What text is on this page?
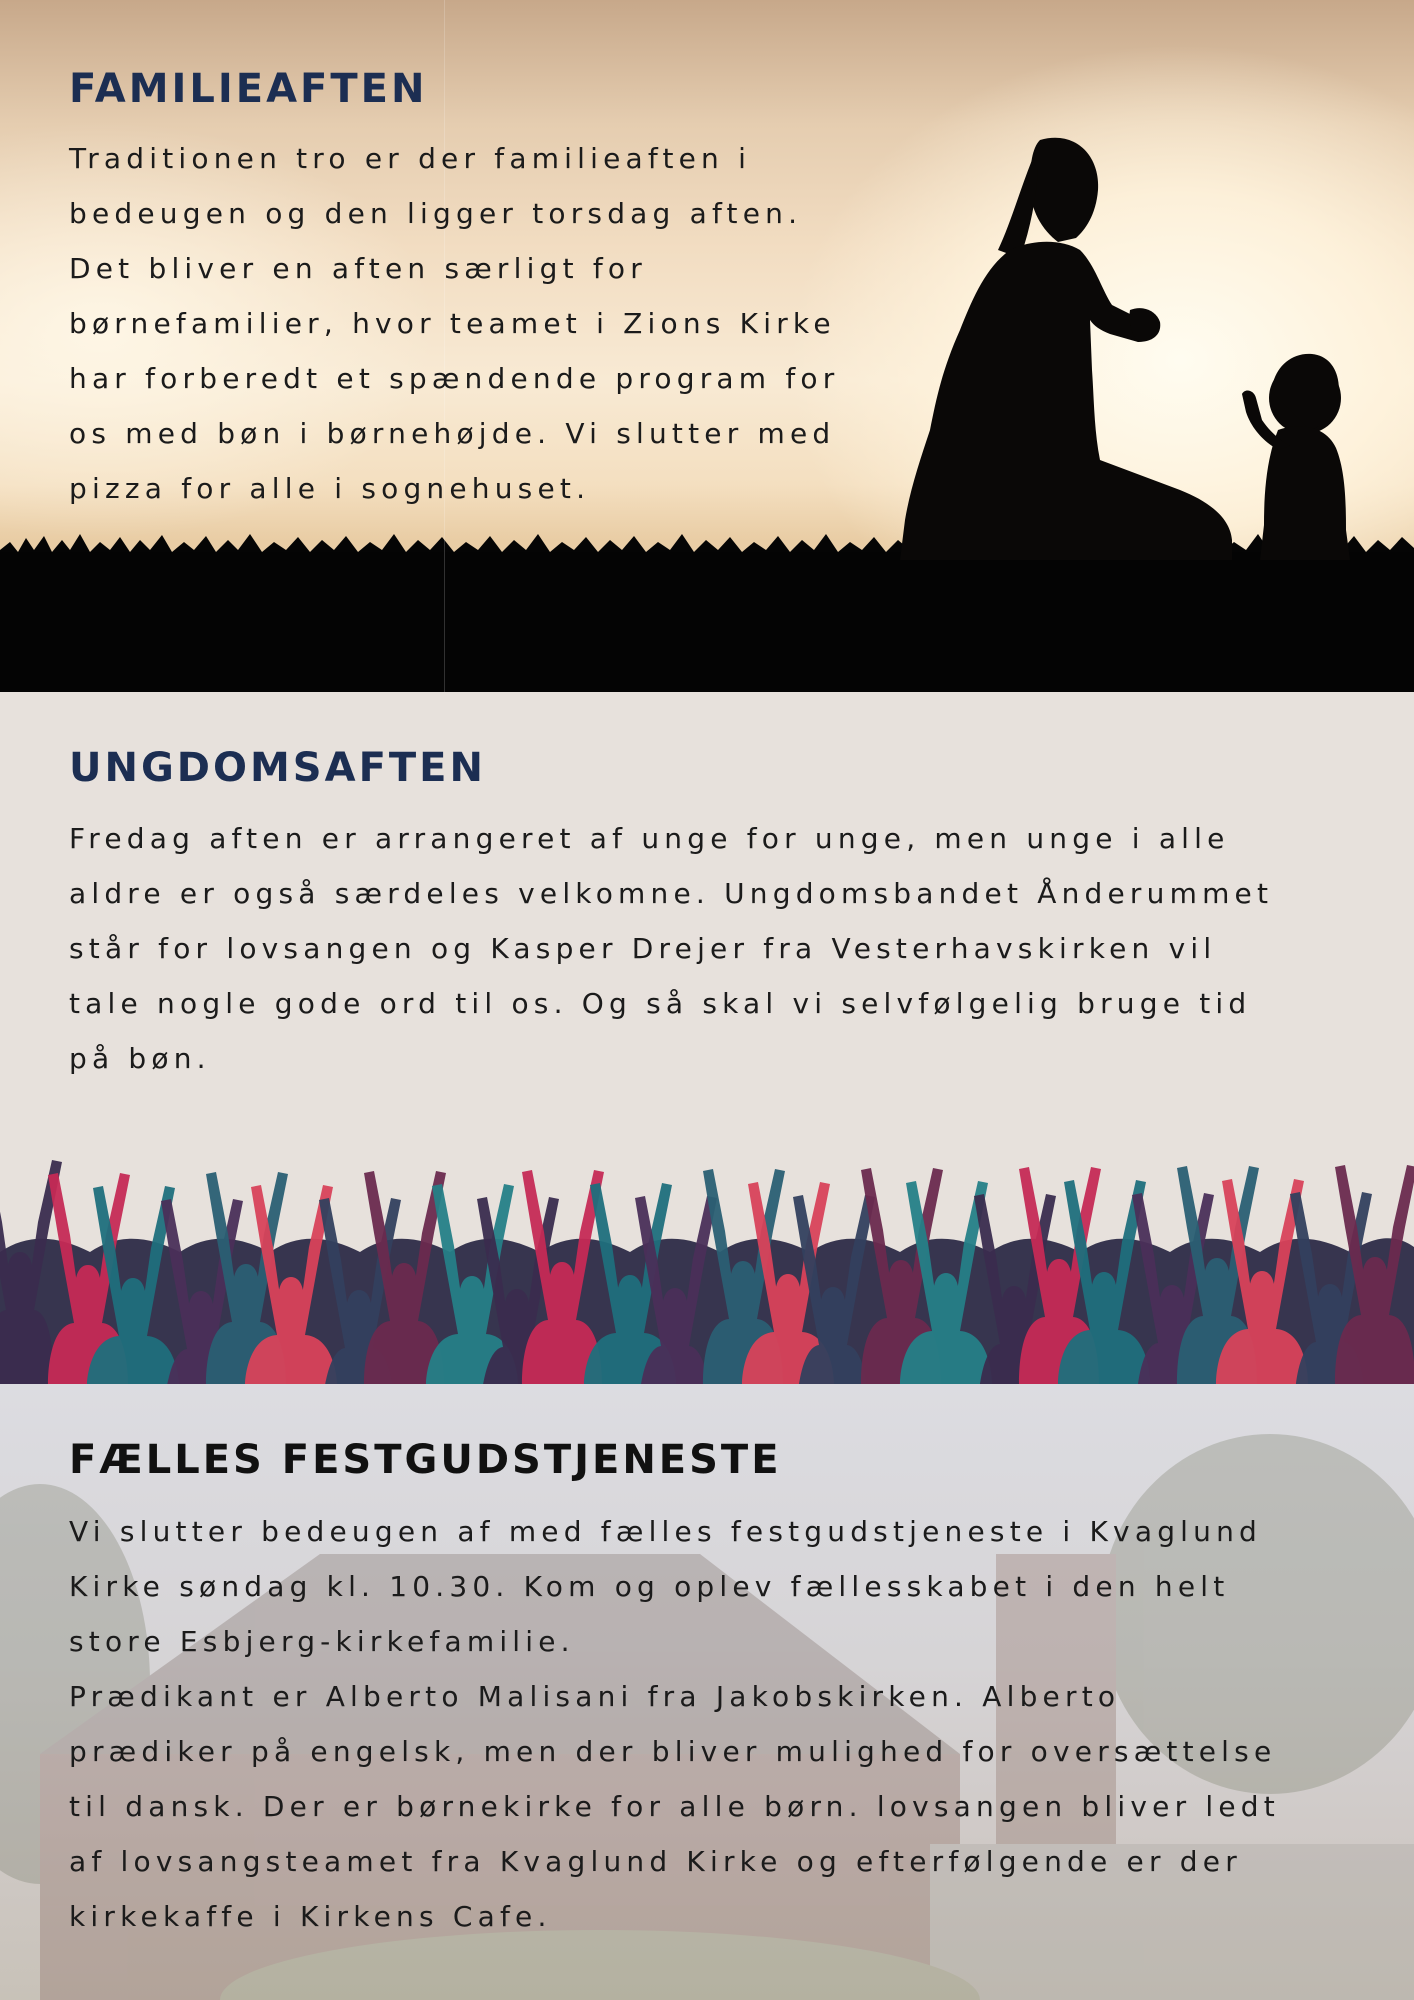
FAMILIEAFTEN

Traditionen tro er der familieaften i
bedeugen og den ligger torsdag aften.
Det bliver en aften særligt for
børnefamilier, hvor teamet i Zions Kirke
har forberedt et spændende program for
os med bøn i børnehøjde. Vi slutter med
pizza for alle i sognehuset.

UNGDOMSAFTEN

Fredag aften er arrangeret af unge for unge, men unge i alle
aldre er også særdeles velkomne. Ungdomsbandet Ånderummet
står for lovsangen og Kasper Drejer fra Vesterhavskirken vil
tale nogle gode ord til os. Og så skal vi selvfølgelig bruge tid
på bøn.

FÆLLES FESTGUDSTJENESTE

Vi slutter bedeugen af med fælles festgudstjeneste i Kvaglund
Kirke søndag kl. 10.30. Kom og oplev fællesskabet i den helt
store Esbjerg-kirkefamilie.
Prædikant er Alberto Malisani fra Jakobskirken. Alberto
prædiker på engelsk, men der bliver mulighed for oversættelse
til dansk. Der er børnekirke for alle børn. lovsangen bliver ledt
af lovsangsteamet fra Kvaglund Kirke og efterfølgende er der
kirkekaffe i Kirkens Cafe.
